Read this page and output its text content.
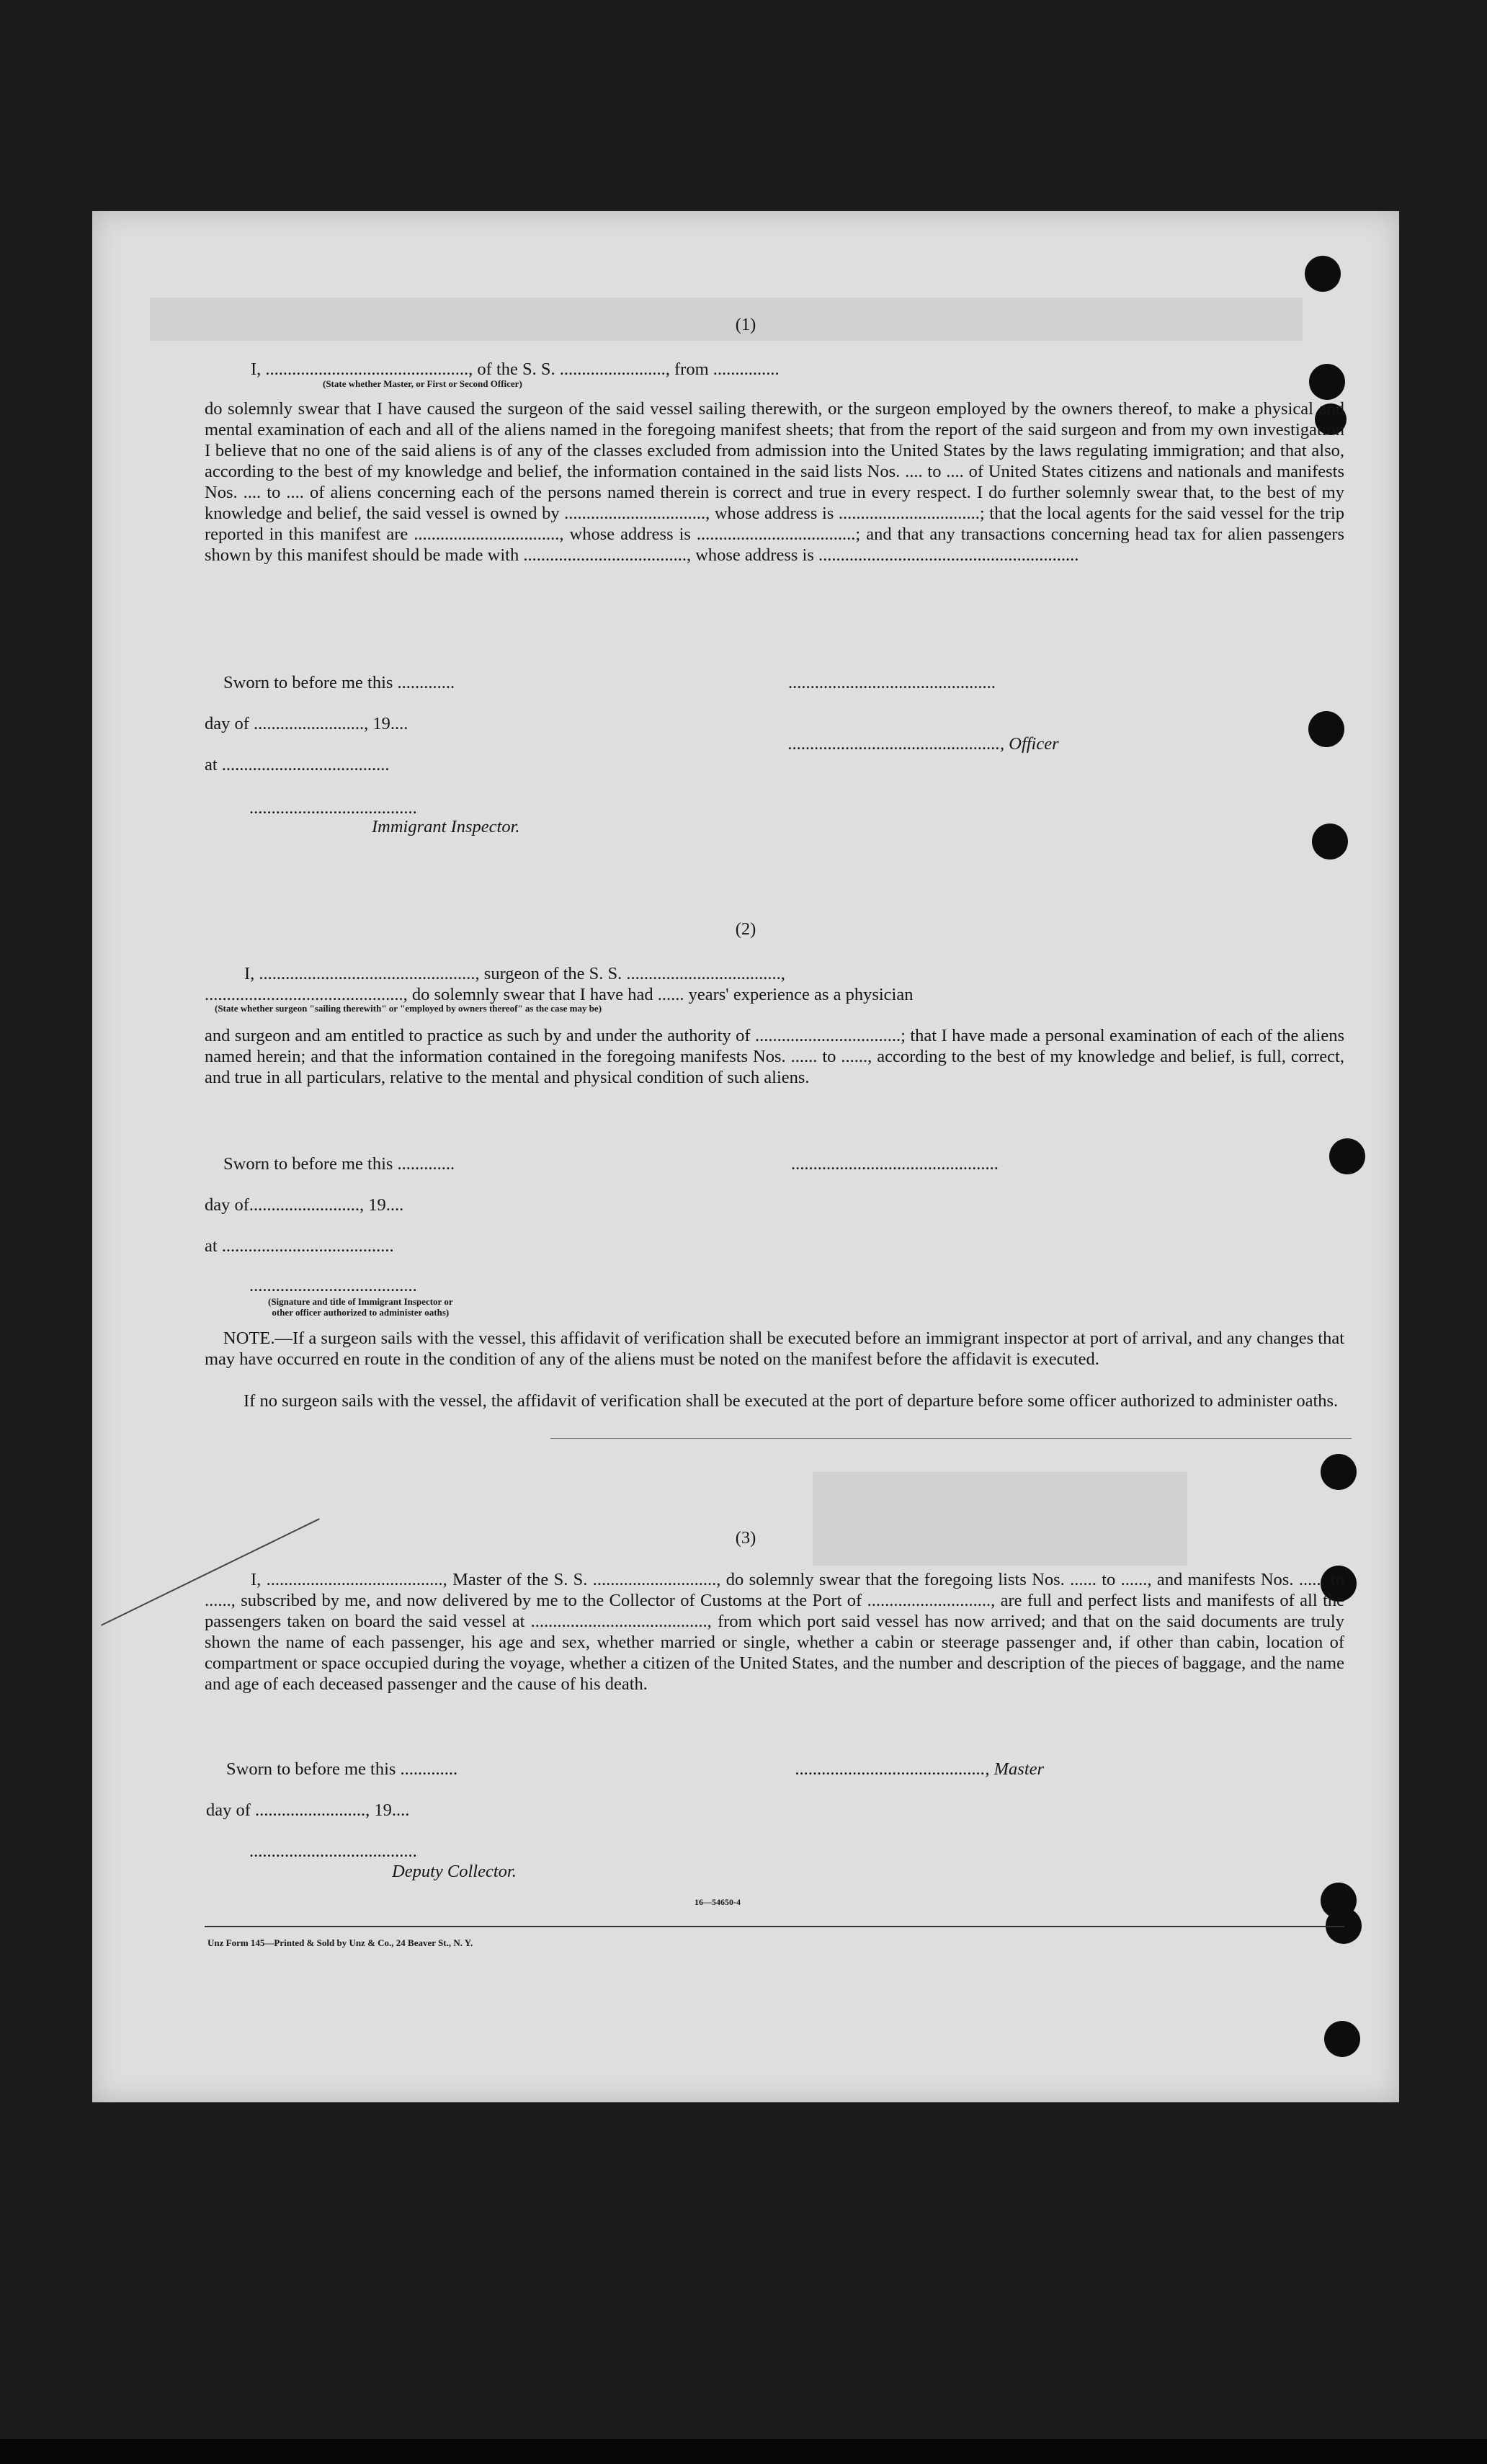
(1)

I, .............................................., of the S. S. ........................, from ...............

(State whether Master, or First or Second Officer)

do solemnly swear that I have caused the surgeon of the said vessel sailing therewith, or the surgeon employed by the owners thereof, to make a physical and mental examination of each and all of the aliens named in the foregoing manifest sheets; that from the report of the said surgeon and from my own investigation I believe that no one of the said aliens is of any of the classes excluded from admission into the United States by the laws regulating immigration; and that also, according to the best of my knowledge and belief, the information contained in the said lists Nos. .... to .... of United States citizens and nationals and manifests Nos. .... to .... of aliens concerning each of the persons named therein is correct and true in every respect. I do further solemnly swear that, to the best of my knowledge and belief, the said vessel is owned by ................................, whose address is ................................; that the local agents for the said vessel for the trip reported in this manifest are ................................., whose address is ....................................; and that any transactions concerning head tax for alien passengers shown by this manifest should be made with ....................................., whose address is ...........................................................

Sworn to before me this .............	...............................................

day of ........................., 19....

................................................, Officer

at ......................................

......................................

Immigrant Inspector.

(2)

I, ................................................., surgeon of the S. S. ...................................,

............................................., do solemnly swear that I have had ...... years' experience as a physician

(State whether surgeon "sailing therewith" or "employed by owners thereof" as the case may be)

and surgeon and am entitled to practice as such by and under the authority of .................................; that I have made a personal examination of each of the aliens named herein; and that the information contained in the foregoing manifests Nos. ...... to ......, according to the best of my knowledge and belief, is full, correct, and true in all particulars, relative to the mental and physical condition of such aliens.

Sworn to before me this .............	...............................................

day of........................., 19....

at .......................................

......................................

(Signature and title of Immigrant Inspector or
other officer authorized to administer oaths)

NOTE.—If a surgeon sails with the vessel, this affidavit of verification shall be executed before an immigrant inspector at port of arrival, and any changes that may have occurred en route in the condition of any of the aliens must be noted on the manifest before the affidavit is executed.

If no surgeon sails with the vessel, the affidavit of verification shall be executed at the port of departure before some officer authorized to administer oaths.

(3)

I, ........................................, Master of the S. S. ............................, do solemnly swear that the foregoing lists Nos. ...... to ......, and manifests Nos. ...... to ......, subscribed by me, and now delivered by me to the Collector of Customs at the Port of ............................, are full and perfect lists and manifests of all the passengers taken on board the said vessel at ........................................, from which port said vessel has now arrived; and that on the said documents are truly shown the name of each passenger, his age and sex, whether married or single, whether a cabin or steerage passenger and, if other than cabin, location of compartment or space occupied during the voyage, whether a citizen of the United States, and the number and description of the pieces of baggage, and the name and age of each deceased passenger and the cause of his death.

Sworn to before me this .............	..........................................., Master

day of ........................., 19....

......................................

Deputy Collector.

16—54650-4

Unz Form 145—Printed & Sold by Unz & Co., 24 Beaver St., N. Y.
